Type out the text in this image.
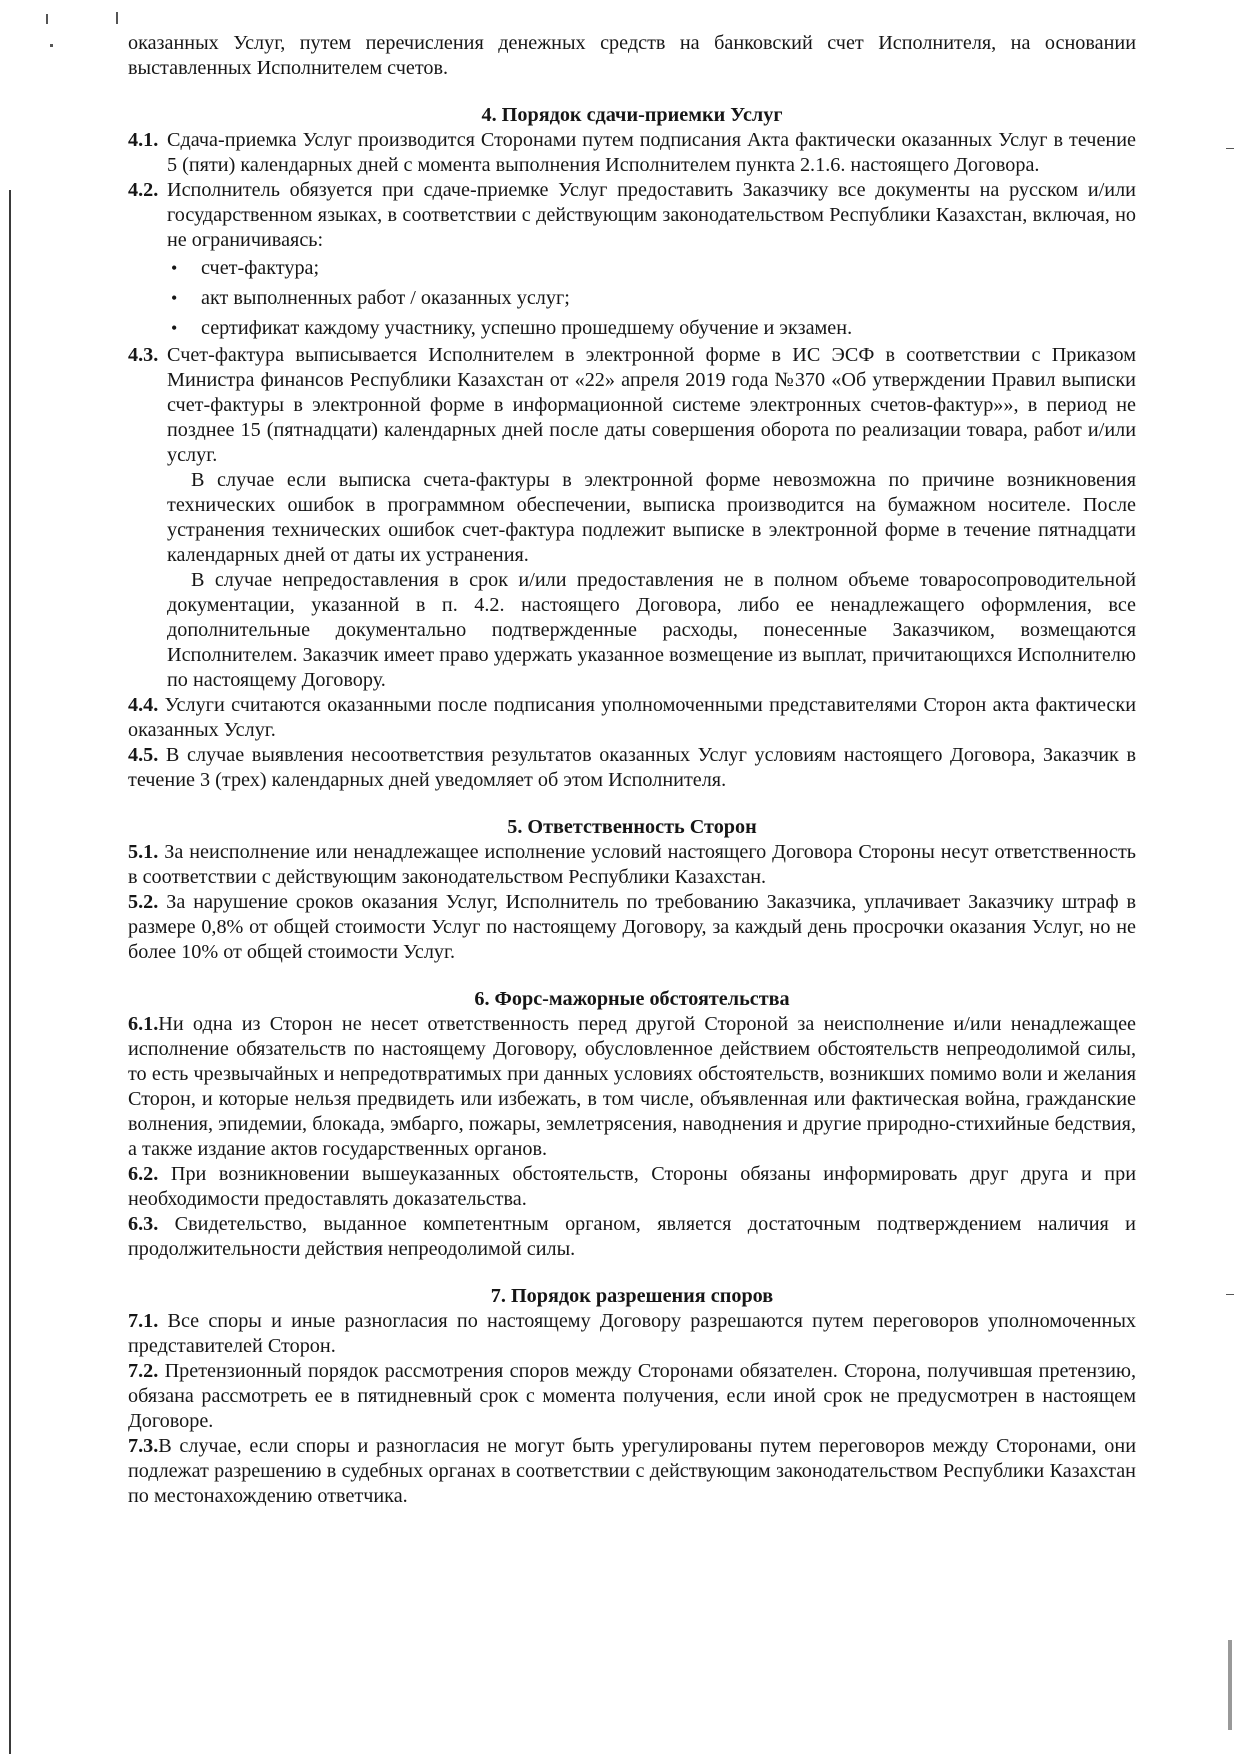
оказанных Услуг, путем перечисления денежных средств на банковский счет Исполнителя, на основании выставленных Исполнителем счетов.

4. Порядок сдачи-приемки Услуг

4.1. Сдача-приемка Услуг производится Сторонами путем подписания Акта фактически оказанных Услуг в течение 5 (пяти) календарных дней с момента выполнения Исполнителем пункта 2.1.6. настоящего Договора.
4.2. Исполнитель обязуется при сдаче-приемке Услуг предоставить Заказчику все документы на русском и/или государственном языках, в соответствии с действующим законодательством Республики Казахстан, включая, но не ограничиваясь:
• счет-фактура;
• акт выполненных работ / оказанных услуг;
• сертификат каждому участнику, успешно прошедшему обучение и экзамен.
4.3. Счет-фактура выписывается Исполнителем в электронной форме в ИС ЭСФ в соответствии с Приказом Министра финансов Республики Казахстан от «22» апреля 2019 года №370 «Об утверждении Правил выписки счет-фактуры в электронной форме в информационной системе электронных счетов-фактур»», в период не позднее 15 (пятнадцати) календарных дней после даты совершения оборота по реализации товара, работ и/или услуг.

В случае если выписка счета-фактуры в электронной форме невозможна по причине возникновения технических ошибок в программном обеспечении, выписка производится на бумажном носителе. После устранения технических ошибок счет-фактура подлежит выписке в электронной форме в течение пятнадцати календарных дней от даты их устранения.

В случае непредоставления в срок и/или предоставления не в полном объеме товаросопроводительной документации, указанной в п. 4.2. настоящего Договора, либо ее ненадлежащего оформления, все дополнительные документально подтвержденные расходы, понесенные Заказчиком, возмещаются Исполнителем. Заказчик имеет право удержать указанное возмещение из выплат, причитающихся Исполнителю по настоящему Договору.

4.4. Услуги считаются оказанными после подписания уполномоченными представителями Сторон акта фактически оказанных Услуг.

4.5. В случае выявления несоответствия результатов оказанных Услуг условиям настоящего Договора, Заказчик в течение 3 (трех) календарных дней уведомляет об этом Исполнителя.

5. Ответственность Сторон

5.1. За неисполнение или ненадлежащее исполнение условий настоящего Договора Стороны несут ответственность в соответствии с действующим законодательством Республики Казахстан.

5.2. За нарушение сроков оказания Услуг, Исполнитель по требованию Заказчика, уплачивает Заказчику штраф в размере 0,8% от общей стоимости Услуг по настоящему Договору, за каждый день просрочки оказания Услуг, но не более 10% от общей стоимости Услуг.

6. Форс-мажорные обстоятельства

6.1.Ни одна из Сторон не несет ответственность перед другой Стороной за неисполнение и/или ненадлежащее исполнение обязательств по настоящему Договору, обусловленное действием обстоятельств непреодолимой силы, то есть чрезвычайных и непредотвратимых при данных условиях обстоятельств, возникших помимо воли и желания Сторон, и которые нельзя предвидеть или избежать, в том числе, объявленная или фактическая война, гражданские волнения, эпидемии, блокада, эмбарго, пожары, землетрясения, наводнения и другие природно-стихийные бедствия, а также издание актов государственных органов.

6.2. При возникновении вышеуказанных обстоятельств, Стороны обязаны информировать друг друга и при необходимости предоставлять доказательства.

6.3. Свидетельство, выданное компетентным органом, является достаточным подтверждением наличия и продолжительности действия непреодолимой силы.

7. Порядок разрешения споров

7.1. Все споры и иные разногласия по настоящему Договору разрешаются путем переговоров уполномоченных представителей Сторон.

7.2. Претензионный порядок рассмотрения споров между Сторонами обязателен. Сторона, получившая претензию, обязана рассмотреть ее в пятидневный срок с момента получения, если иной срок не предусмотрен в настоящем Договоре.

7.3.В случае, если споры и разногласия не могут быть урегулированы путем переговоров между Сторонами, они подлежат разрешению в судебных органах в соответствии с действующим законодательством Республики Казахстан по местонахождению ответчика.
